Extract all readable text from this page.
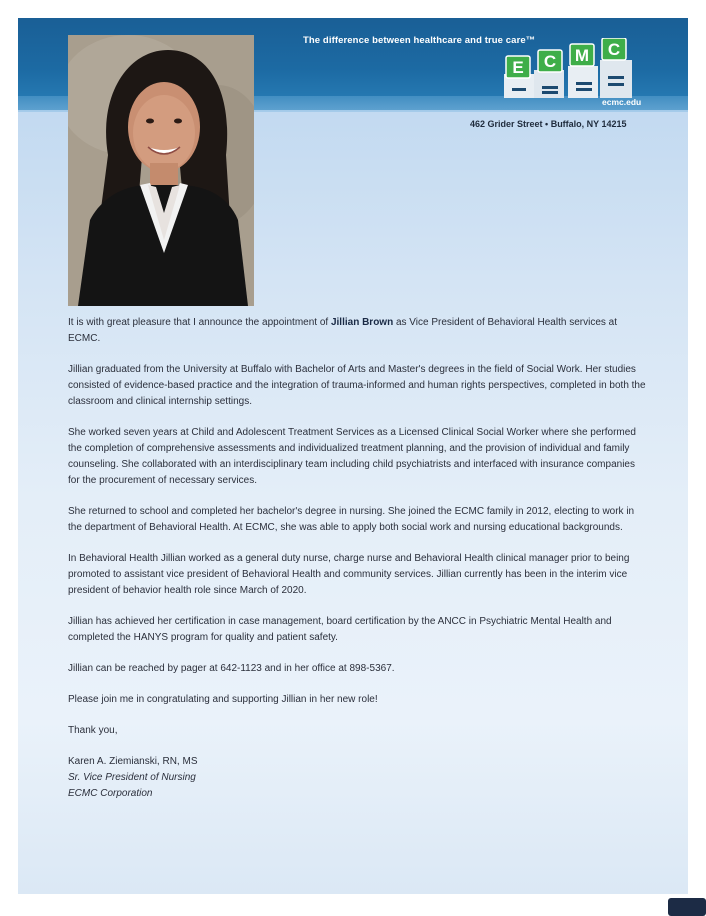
The difference between healthcare and true care™
E C M C
ecmc.edu
462 Grider Street • Buffalo, NY 14215

It is with great pleasure that I announce the appointment of Jillian Brown as Vice President of Behavioral Health services at ECMC.

Jillian graduated from the University at Buffalo with Bachelor of Arts and Master's degrees in the field of Social Work. Her studies consisted of evidence-based practice and the integration of trauma-informed and human rights perspectives, completed in both the classroom and clinical internship settings.

She worked seven years at Child and Adolescent Treatment Services as a Licensed Clinical Social Worker where she performed the completion of comprehensive assessments and individualized treatment planning, and the provision of individual and family counseling. She collaborated with an interdisciplinary team including child psychiatrists and interfaced with insurance companies for the procurement of necessary services.

She returned to school and completed her bachelor's degree in nursing. She joined the ECMC family in 2012, electing to work in the department of Behavioral Health. At ECMC, she was able to apply both social work and nursing educational backgrounds.

In Behavioral Health Jillian worked as a general duty nurse, charge nurse and Behavioral Health clinical manager prior to being promoted to assistant vice president of Behavioral Health and community services. Jillian currently has been in the interim vice president of behavior health role since March of 2020.

Jillian has achieved her certification in case management, board certification by the ANCC in Psychiatric Mental Health and completed the HANYS program for quality and patient safety.

Jillian can be reached by pager at 642-1123 and in her office at 898-5367.

Please join me in congratulating and supporting Jillian in her new role!

Thank you,

Karen A. Ziemianski, RN, MS

Sr. Vice President of Nursing

ECMC Corporation
